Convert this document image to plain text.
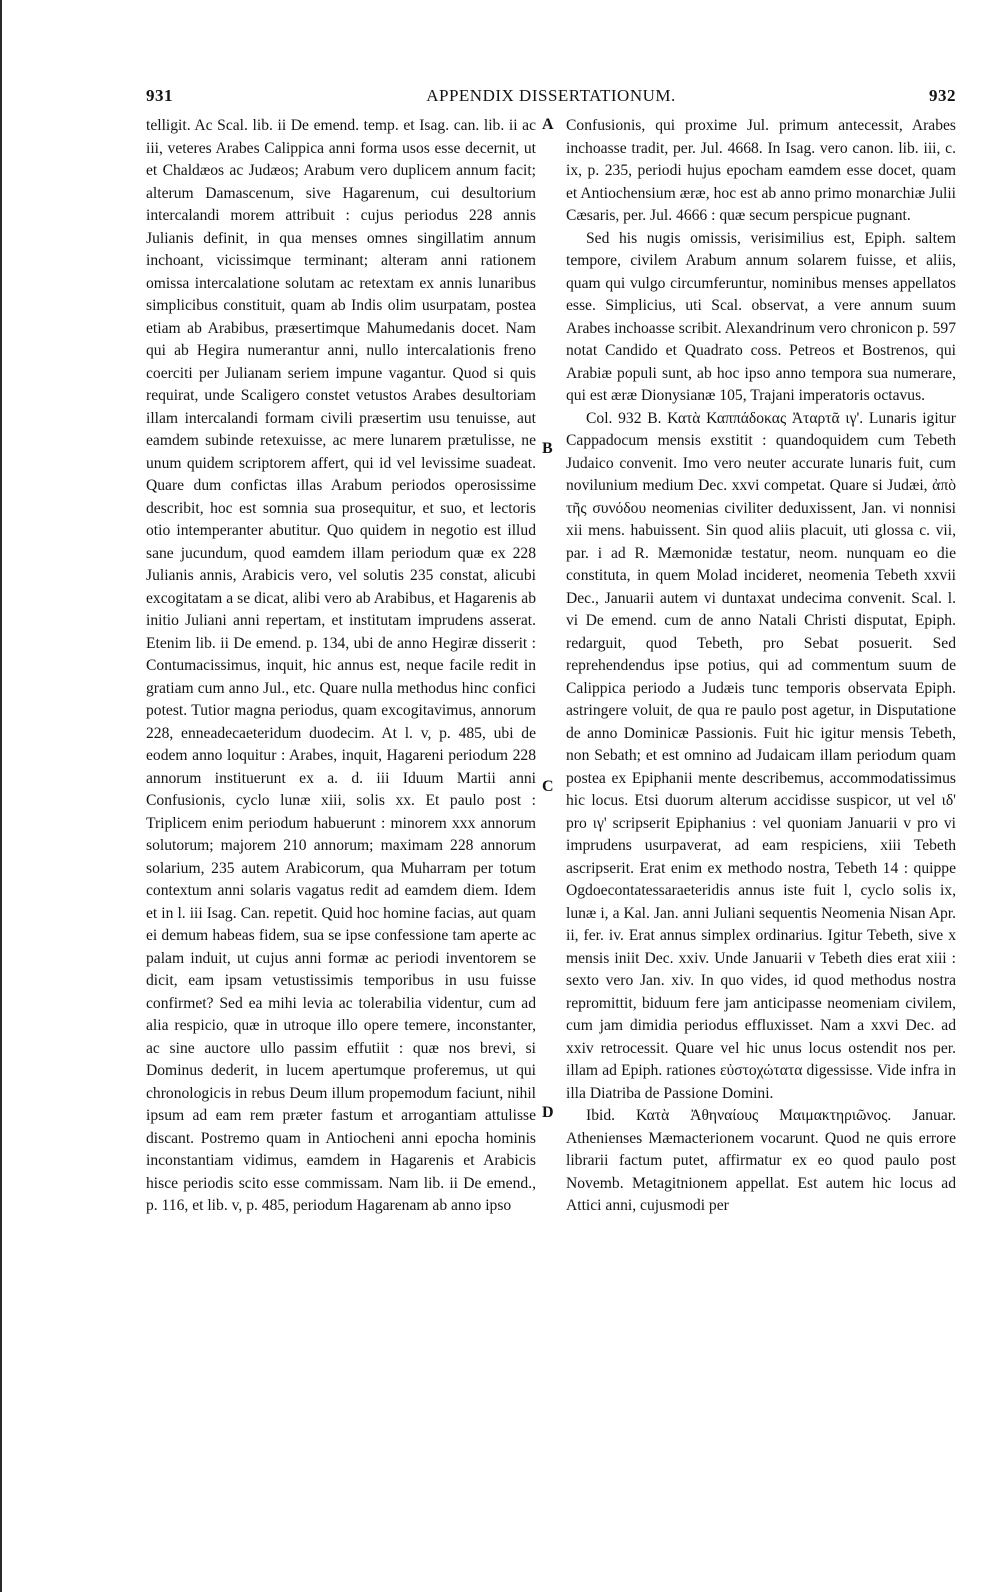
931	APPENDIX DISSERTATIONUM.	932

telligit. Ac Scal. lib. ii De emend. temp. et Isag. can. lib. ii ac iii, veteres Arabes Calippica anni forma usos esse decernit, ut et Chaldæos ac Judæos; Arabum vero duplicem annum facit; alterum Damascenum, sive Hagarenum, cui desultorium intercalandi morem attribuit : cujus periodus 228 annis Julianis definit, in qua menses omnes singillatim annum inchoant, vicissimque terminant; alteram anni rationem omissa intercalatione solutam ac retextam ex annis lunaribus simplicibus constituit, quam ab Indis olim usurpatam, postea etiam ab Arabibus, præsertimque Mahumedanis docet. Nam qui ab Hegira numerantur anni, nullo intercalationis freno coerciti per Julianam seriem impune vagantur. Quod si quis requirat, unde Scaligero constet vetustos Arabes desultoriam illam intercalandi formam civili præsertim usu tenuisse, aut eamdem subinde retexuisse, ac mere lunarem prætulisse, ne unum quidem scriptorem affert, qui id vel levissime suadeat. Quare dum confictas illas Arabum periodos operosissime describit, hoc est somnia sua prosequitur, et suo, et lectoris otio intemperanter abutitur. Quo quidem in negotio est illud sane jucundum, quod eamdem illam periodum quæ ex 228 Julianis annis, Arabicis vero, vel solutis 235 constat, alicubi excogitatam a se dicat, alibi vero ab Arabibus, et Hagarenis ab initio Juliani anni repertam, et institutam imprudens asserat. Etenim lib. ii De emend. p. 134, ubi de anno Hegiræ disserit : Contumacissimus, inquit, hic annus est, neque facile redit in gratiam cum anno Jul., etc. Quare nulla methodus hinc confici potest. Tutior magna periodus, quam excogitavimus, annorum 228, enneadecaeteridum duodecim. At l. v, p. 485, ubi de eodem anno loquitur : Arabes, inquit, Hagareni periodum 228 annorum instituerunt ex a. d. iii Iduum Martii anni Confusionis, cyclo lunæ xiii, solis xx. Et paulo post : Triplicem enim periodum habuerunt : minorem xxx annorum solutorum; majorem 210 annorum; maximam 228 annorum solarium, 235 autem Arabicorum, qua Muharram per totum contextum anni solaris vagatus redit ad eamdem diem. Idem et in l. iii Isag. Can. repetit. Quid hoc homine facias, aut quam ei demum habeas fidem, sua se ipse confessione tam aperte ac palam induit, ut cujus anni formæ ac periodi inventorem se dicit, eam ipsam vetustissimis temporibus in usu fuisse confirmet? Sed ea mihi levia ac tolerabilia videntur, cum ad alia respicio, quæ in utroque illo opere temere, inconstanter, ac sine auctore ullo passim effutiit : quæ nos brevi, si Dominus dederit, in lucem apertumque proferemus, ut qui chronologicis in rebus Deum illum propemodum faciunt, nihil ipsum ad eam rem præter fastum et arrogantiam attulisse discant. Postremo quam in Antiocheni anni epocha hominis inconstantiam vidimus, eamdem in Hagarenis et Arabicis hisce periodis scito esse commissam. Nam lib. ii De emend., p. 116, et lib. v, p. 485, periodum Hagarenam ab anno ipso

A
B
C
D

Confusionis, qui proxime Jul. primum antecessit, Arabes inchoasse tradit, per. Jul. 4668. In Isag. vero canon. lib. iii, c. ix, p. 235, periodi hujus epocham eamdem esse docet, quam et Antiochensium æræ, hoc est ab anno primo monarchiæ Julii Cæsaris, per. Jul. 4666 : quæ secum perspicue pugnant.

Sed his nugis omissis, verisimilius est, Epiph. saltem tempore, civilem Arabum annum solarem fuisse, et aliis, quam qui vulgo circumferuntur, nominibus menses appellatos esse. Simplicius, uti Scal. observat, a vere annum suum Arabes inchoasse scribit. Alexandrinum vero chronicon p. 597 notat Candido et Quadrato coss. Petreos et Bostrenos, qui Arabiæ populi sunt, ab hoc ipso anno tempora sua numerare, qui est æræ Dionysianæ 105, Trajani imperatoris octavus.

Col. 932 B. Κατὰ Καππάδοκας Ἀταρτᾶ ιγ'. Lunaris igitur Cappadocum mensis exstitit : quandoquidem cum Tebeth Judaico convenit. Imo vero neuter accurate lunaris fuit, cum novilunium medium Dec. xxvi competat. Quare si Judæi, ἀπὸ τῆς συνόδου neomenias civiliter deduxissent, Jan. vi nonnisi xii mens. habuissent. Sin quod aliis placuit, uti glossa c. vii, par. i ad R. Mæmonidæ testatur, neom. nunquam eo die constituta, in quem Molad incideret, neomenia Tebeth xxvii Dec., Januarii autem vi duntaxat undecima convenit. Scal. l. vi De emend. cum de anno Natali Christi disputat, Epiph. redarguit, quod Tebeth, pro Sebat posuerit. Sed reprehendendus ipse potius, qui ad commentum suum de Calippica periodo a Judæis tunc temporis observata Epiph. astringere voluit, de qua re paulo post agetur, in Disputatione de anno Dominicæ Passionis. Fuit hic igitur mensis Tebeth, non Sebath; et est omnino ad Judaicam illam periodum quam postea ex Epiphanii mente describemus, accommodatissimus hic locus. Etsi duorum alterum accidisse suspicor, ut vel ιδ' pro ιγ' scripserit Epiphanius : vel quoniam Januarii v pro vi imprudens usurpaverat, ad eam respiciens, xiii Tebeth ascripserit. Erat enim ex methodo nostra, Tebeth 14 : quippe Ogdoecontatessaraeteridis annus iste fuit l, cyclo solis ix, lunæ i, a Kal. Jan. anni Juliani sequentis Neomenia Nisan Apr. ii, fer. iv. Erat annus simplex ordinarius. Igitur Tebeth, sive x mensis iniit Dec. xxiv. Unde Januarii v Tebeth dies erat xiii : sexto vero Jan. xiv. In quo vides, id quod methodus nostra repromittit, biduum fere jam anticipasse neomeniam civilem, cum jam dimidia periodus effluxisset. Nam a xxvi Dec. ad xxiv retrocessit. Quare vel hic unus locus ostendit nos per. illam ad Epiph. rationes εὐστοχώτατα digessisse. Vide infra in illa Diatriba de Passione Domini.

Ibid. Κατὰ Ἀθηναίους Μαιμακτηριῶνος. Januar. Athenienses Mæmacterionem vocarunt. Quod ne quis errore librarii factum putet, affirmatur ex eo quod paulo post Novemb. Metagitnionem appellat. Est autem hic locus ad Attici anni, cujusmodi per
